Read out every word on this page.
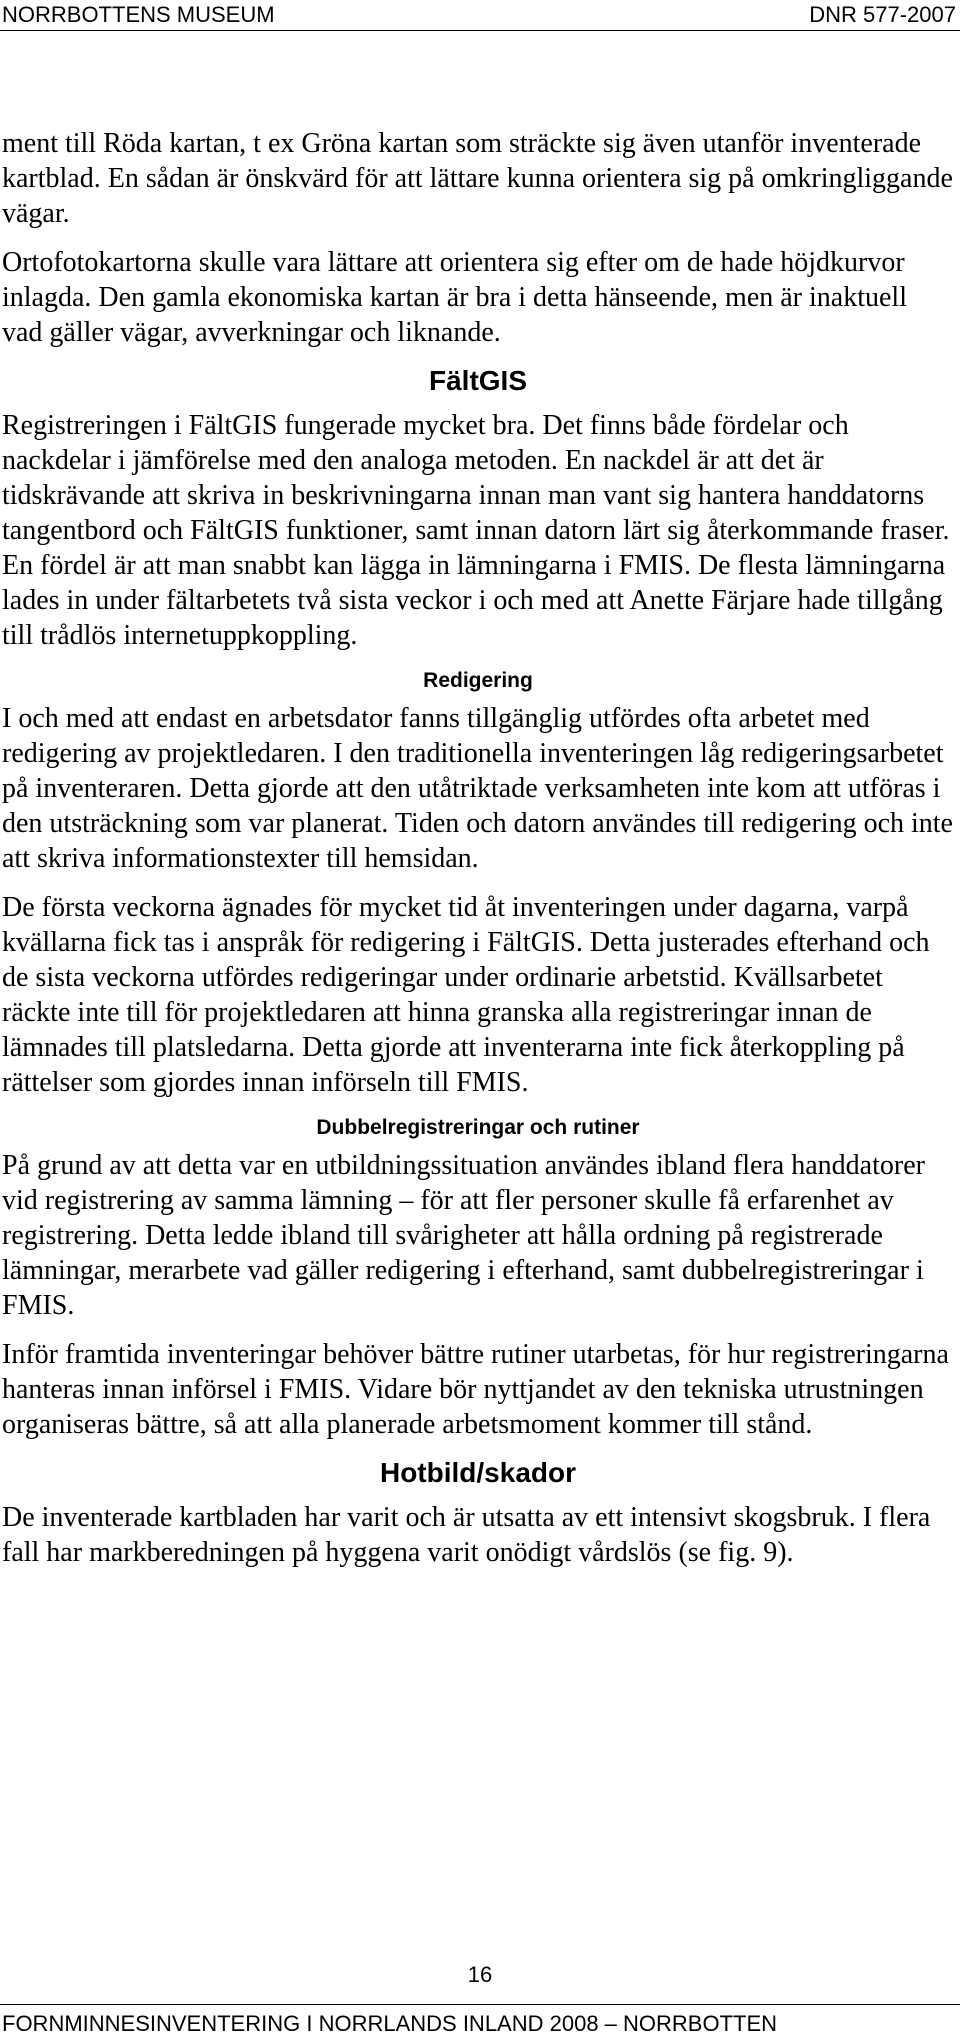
NORRBOTTENS MUSEUM	DNR 577-2007

ment till Röda kartan, t ex Gröna kartan som sträckte sig även utanför inventerade kartblad. En sådan är önskvärd för att lättare kunna orientera sig på omkringliggande vägar.

Ortofotokartorna skulle vara lättare att orientera sig efter om de hade höjdkurvor inlagda. Den gamla ekonomiska kartan är bra i detta hänseende, men är inaktuell vad gäller vägar, avverkningar och liknande.

FältGIS

Registreringen i FältGIS fungerade mycket bra. Det finns både fördelar och nackdelar i jämförelse med den analoga metoden. En nackdel är att det är tidskrävande att skriva in beskrivningarna innan man vant sig hantera handdatorns tangentbord och FältGIS funktioner, samt innan datorn lärt sig återkommande fraser. En fördel är att man snabbt kan lägga in lämningarna i FMIS. De flesta lämningarna lades in under fältarbetets två sista veckor i och med att Anette Färjare hade tillgång till trådlös internetuppkoppling.

Redigering

I och med att endast en arbetsdator fanns tillgänglig utfördes ofta arbetet med redigering av projektledaren. I den traditionella inventeringen låg redigeringsarbetet på inventeraren. Detta gjorde att den utåtriktade verksamheten inte kom att utföras i den utsträckning som var planerat. Tiden och datorn användes till redigering och inte att skriva informationstexter till hemsidan.

De första veckorna ägnades för mycket tid åt inventeringen under dagarna, varpå kvällarna fick tas i anspråk för redigering i FältGIS. Detta justerades efterhand och de sista veckorna utfördes redigeringar under ordinarie arbetstid. Kvällsarbetet räckte inte till för projektledaren att hinna granska alla registreringar innan de lämnades till platsledarna. Detta gjorde att inventerarna inte fick återkoppling på rättelser som gjordes innan införseln till FMIS.

Dubbelregistreringar och rutiner

På grund av att detta var en utbildningssituation användes ibland flera handdatorer vid registrering av samma lämning – för att fler personer skulle få erfarenhet av registrering. Detta ledde ibland till svårigheter att hålla ordning på registrerade lämningar, merarbete vad gäller redigering i efterhand, samt dubbelregistreringar i FMIS.

Inför framtida inventeringar behöver bättre rutiner utarbetas, för hur registreringarna hanteras innan införsel i FMIS. Vidare bör nyttjandet av den tekniska utrustningen organiseras bättre, så att alla planerade arbetsmoment kommer till stånd.

Hotbild/skador

De inventerade kartbladen har varit och är utsatta av ett intensivt skogsbruk. I flera fall har markberedningen på hyggena varit onödigt vårdslös (se fig. 9).

16
FORNMINNESINVENTERING I NORRLANDS INLAND 2008 – NORRBOTTEN
